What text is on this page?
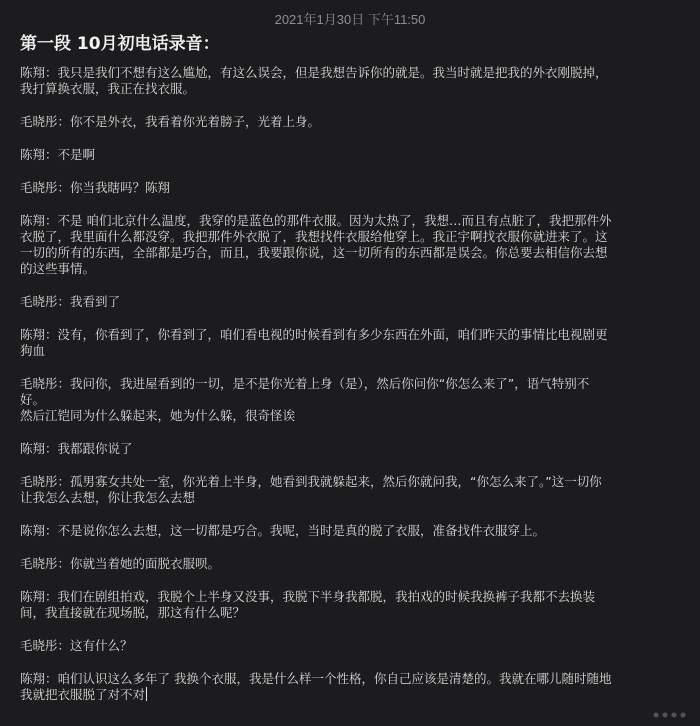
2021年1月30日 下午11:50
第一段 10月初电话录音：
陈翔：我只是我们不想有这么尴尬，有这么误会，但是我想告诉你的就是。我当时就是把我的外衣刚脱掉，
我打算换衣服，我正在找衣服。
毛晓彤：你不是外衣，我看着你光着膀子，光着上身。
陈翔：不是啊
毛晓彤：你当我瞎吗？陈翔
陈翔：不是 咱们北京什么温度，我穿的是蓝色的那件衣服。因为太热了，我想…而且有点脏了，我把那件外
衣脱了，我里面什么都没穿。我把那件外衣脱了，我想找件衣服给他穿上。我正宇啊找衣服你就进来了。这
一切的所有的东西，全部都是巧合，而且，我要跟你说，这一切所有的东西都是误会。你总要去相信你去想
的这些事情。
毛晓彤：我看到了
陈翔：没有，你看到了，你看到了，咱们看电视的时候看到有多少东西在外面，咱们昨天的事情比电视剧更
狗血
毛晓彤：我问你，我进屋看到的一切，是不是你光着上身（是），然后你问你“你怎么来了”，语气特别不
好。
然后江铠同为什么躲起来，她为什么躲，很奇怪诶
陈翔：我都跟你说了
毛晓彤：孤男寡女共处一室，你光着上半身，她看到我就躲起来，然后你就问我，“你怎么来了。”这一切你
让我怎么去想，你让我怎么去想
陈翔：不是说你怎么去想，这一切都是巧合。我呢，当时是真的脱了衣服，准备找件衣服穿上。
毛晓彤：你就当着她的面脱衣服呗。
陈翔：我们在剧组拍戏，我脱个上半身又没事，我脱下半身我都脱，我拍戏的时候我换裤子我都不去换装
间，我直接就在现场脱，那这有什么呢？
毛晓彤：这有什么？
陈翔：咱们认识这么多年了 我换个衣服，我是什么样一个性格，你自己应该是清楚的。我就在哪儿随时随地
我就把衣服脱了对不对
